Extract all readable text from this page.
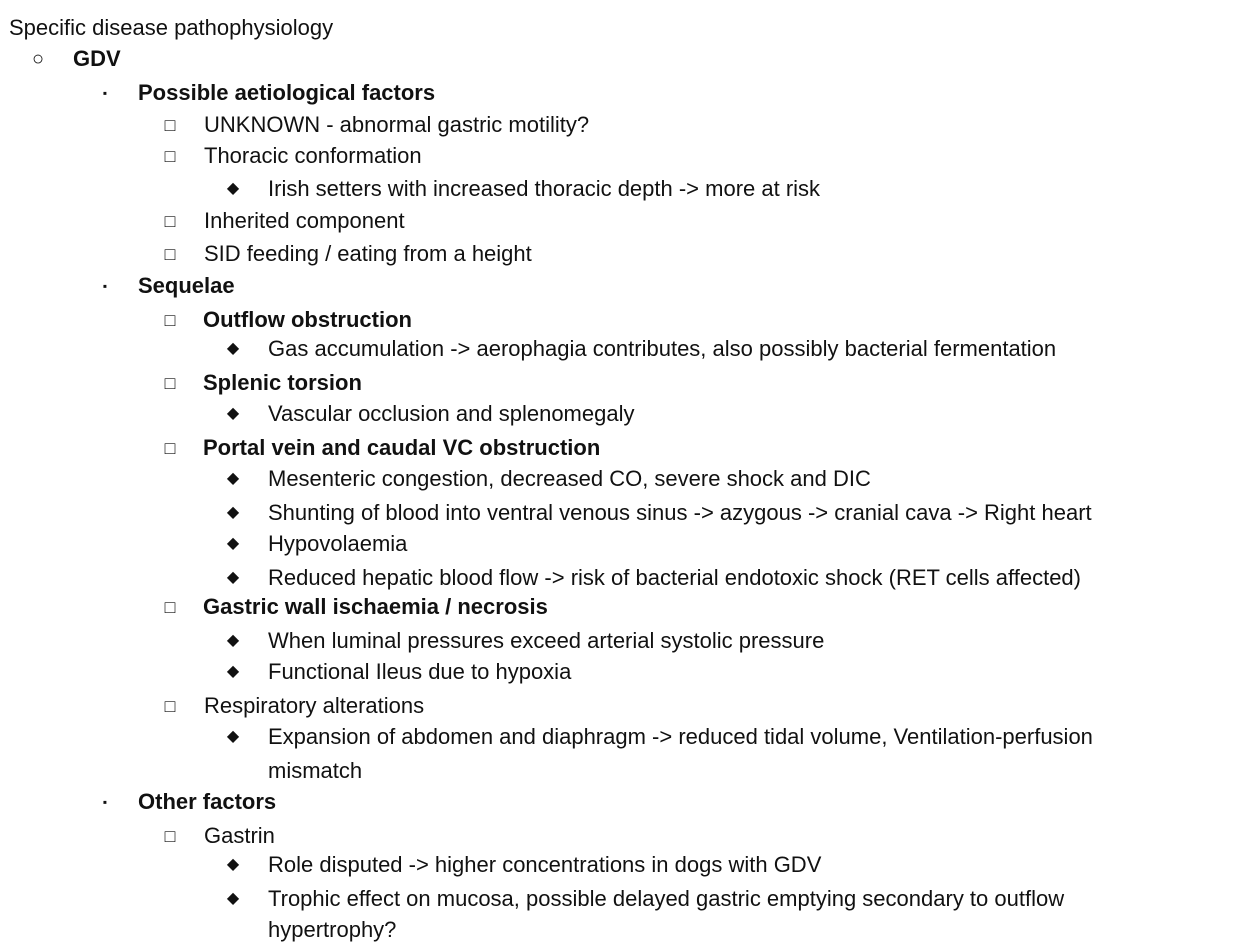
Specific disease pathophysiology
○ GDV
▪	Possible aetiological factors
□ UNKNOWN - abnormal gastric motility?
□ Thoracic conformation
◆ Irish setters with increased thoracic depth -> more at risk
□ Inherited component
□ SID feeding / eating from a height
▪	Sequelae
□ Outflow obstruction
◆ Gas accumulation -> aerophagia contributes, also possibly bacterial fermentation
□ Splenic torsion
◆ Vascular occlusion and splenomegaly
□ Portal vein and caudal VC obstruction
◆ Mesenteric congestion, decreased CO, severe shock and DIC
◆ Shunting of blood into ventral venous sinus -> azygous -> cranial cava -> Right heart
◆ Hypovolaemia
◆ Reduced hepatic blood flow -> risk of bacterial endotoxic shock (RET cells affected)
□ Gastric wall ischaemia / necrosis
◆ When luminal pressures exceed arterial systolic pressure
◆ Functional Ileus due to hypoxia
□ Respiratory alterations
◆ Expansion of abdomen and diaphragm -> reduced tidal volume, Ventilation-perfusion
mismatch
▪	Other factors
□ Gastrin
◆ Role disputed -> higher concentrations in dogs with GDV
◆ Trophic effect on mucosa, possible delayed gastric emptying secondary to outflow
hypertrophy?
